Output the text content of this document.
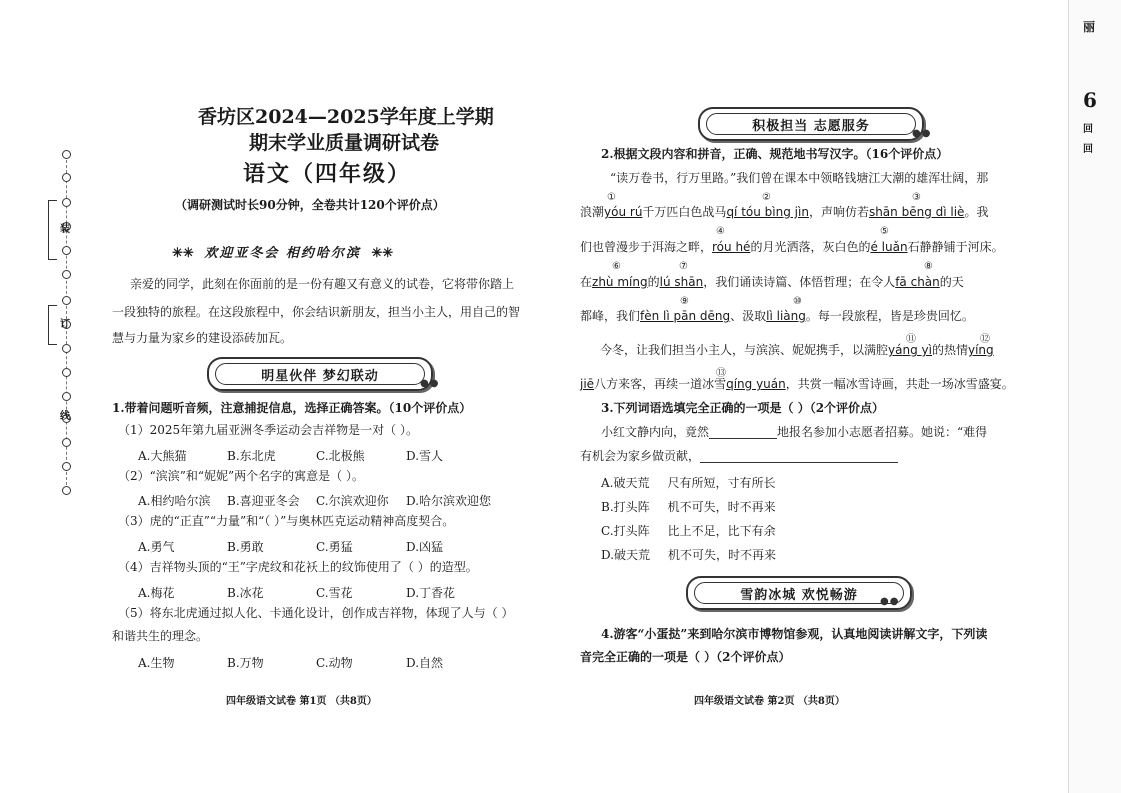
装
订
线
香坊区2024—2025学年度上学期
期末学业质量调研试卷
语文（四年级）
（调研测试时长90分钟，全卷共计120个评价点）
✳✳ 欢迎亚冬会 相约哈尔滨 ✳✳
亲爱的同学，此刻在你面前的是一份有趣又有意义的试卷，它将带你踏上
一段独特的旅程。在这段旅程中，你会结识新朋友，担当小主人，用自己的智
慧与力量为家乡的建设添砖加瓦。
明星伙伴 梦幻联动	●●
1.带着问题听音频，注意捕捉信息，选择正确答案。（10个评价点）
（1）2025年第九届亚洲冬季运动会吉祥物是一对（ ）。
A.大熊猫	B.东北虎	C.北极熊	D.雪人
（2）“滨滨”和“妮妮”两个名字的寓意是（ ）。
A.相约哈尔滨 B.喜迎亚冬会 C.尔滨欢迎你 D.哈尔滨欢迎您
（3）虎的“正直”“力量”和“（ ）”与奥林匹克运动精神高度契合。
A.勇气	B.勇敢	C.勇猛	D.凶猛
（4）吉祥物头顶的“王”字虎纹和花袄上的纹饰使用了（ ）的造型。
A.梅花	B.冰花	C.雪花	D.丁香花
（5）将东北虎通过拟人化、卡通化设计，创作成吉祥物，体现了人与（ ）
和谐共生的理念。
A.生物	B.万物	C.动物	D.自然
四年级语文试卷 第1页 （共8页）
积极担当 志愿服务	●●
2.根据文段内容和拼音，正确、规范地书写汉字。（16个评价点）
“读万卷书，行万里路。”我们曾在课本中领略钱塘江大潮的雄浑壮阔，那
①	②	③
浪潮yóu rú千万匹白色战马qí tóu bìng jìn，声响仿若shān bēng dì liè。我
④	⑤
们也曾漫步于洱海之畔，róu hé的月光洒落，灰白色的é luǎn石静静铺于河床。
⑥	⑦	⑧
在zhù míng的lú shān，我们诵读诗篇、体悟哲理；在令人fā chàn的天
⑨	⑩
都峰，我们fèn lì pān dēng、汲取lì liàng。每一段旅程，皆是珍贵回忆。
⑪	⑫
今冬，让我们担当小主人，与滨滨、妮妮携手，以满腔yáng yì的热情yíng
⑬
jiē八方来客，再续一道冰雪qíng yuán，共赏一幅冰雪诗画，共赴一场冰雪盛宴。
3.下列词语选填完全正确的一项是（ ）（2个评价点）
小红文静内向，竟然	地报名参加小志愿者招募。她说：“难得
有机会为家乡做贡献，
A.破天荒 尺有所短，寸有所长
B.打头阵 机不可失，时不再来
C.打头阵 比上不足，比下有余
D.破天荒 机不可失，时不再来
雪韵冰城 欢悦畅游 ●●
4.游客“小蛋挞”来到哈尔滨市博物馆参观，认真地阅读讲解文字，下列读
音完全正确的一项是（ ）（2个评价点）
四年级语文试卷 第2页 （共8页）
丽
6
回
回
